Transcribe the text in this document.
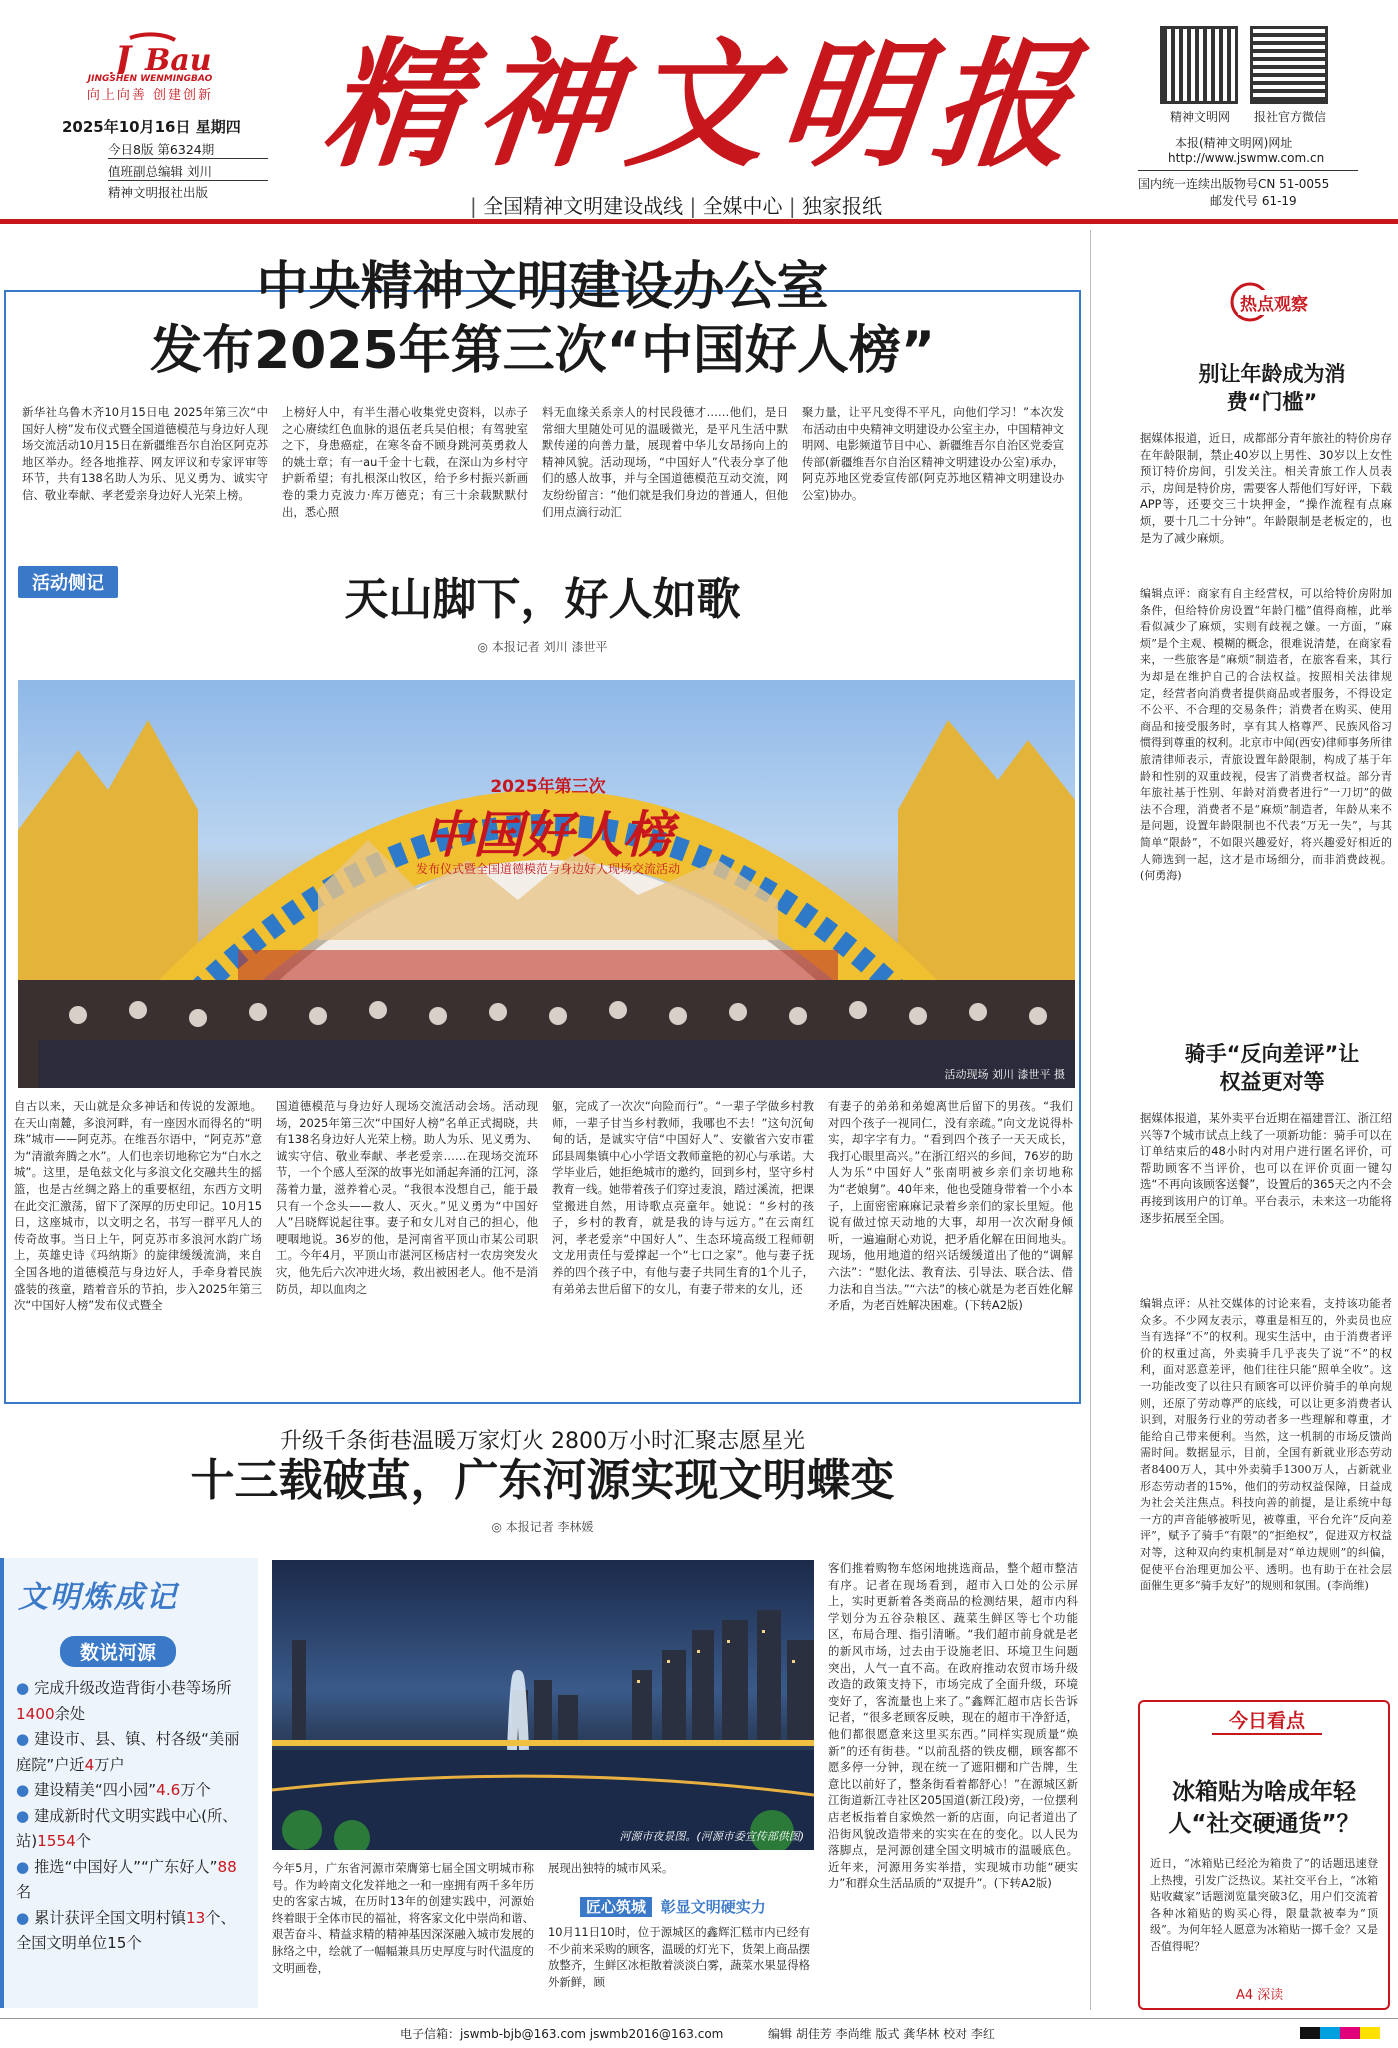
Bau
J
JINGSHEN WENMINGBAO
向上向善 创建创新
2025年10月16日 星期四
今日8版 第6324期
值班副总编辑 刘川
精神文明报社出版
精神文明报
| 全国精神文明建设战线 | 全媒中心 | 独家报纸
精神文明网	报社官方微信
本报(精神文明网)网址
http://www.jswmw.com.cn
国内统一连续出版物号CN 51-0055
邮发代号 61-19
中央精神文明建设办公室
发布2025年第三次“中国好人榜”
新华社乌鲁木齐10月15日电 2025年第三次“中国好人榜”发布仪式暨全国道德模范与身边好人现场交流活动10月15日在新疆维吾尔自治区阿克苏地区举办。经各地推荐、网友评议和专家评审等环节，共有138名助人为乐、见义勇为、诚实守信、敬业奉献、孝老爱亲身边好人光荣上榜。
上榜好人中，有半生潜心收集党史资料，以赤子之心赓续红色血脉的退伍老兵吴伯根；有驾驶室之下，身患癌症，在寒冬奋不顾身跳河英勇救人的姚士章；有一au千金十七载，在深山为乡村守护新希望；有扎根深山牧区，给予乡村振兴新画卷的秉力克波力·库万德克；有三十余载默默付出，悉心照
料无血缘关系亲人的村民段德才……他们，是日常细大里随处可见的温暖微光，是平凡生活中默默传递的向善力量，展现着中华儿女昂扬向上的精神风貌。活动现场，“中国好人”代表分享了他们的感人故事，并与全国道德模范互动交流，网友纷纷留言：“他们就是我们身边的普通人，但他们用点滴行动汇
聚力量，让平凡变得不平凡，向他们学习！”本次发布活动由中央精神文明建设办公室主办，中国精神文明网、电影频道节目中心、新疆维吾尔自治区党委宣传部(新疆维吾尔自治区精神文明建设办公室)承办，阿克苏地区党委宣传部(阿克苏地区精神文明建设办公室)协办。
活动侧记	天山脚下，好人如歌
◎ 本报记者 刘川 漆世平
2025年第三次
中国好人榜
发布仪式暨全国道德模范与身边好人现场交流活动
活动现场 刘川 漆世平 摄
自古以来，天山就是众多神话和传说的发源地。在天山南麓，多浪河畔，有一座因水而得名的“明珠”城市——阿克苏。在维吾尔语中，“阿克苏”意为“清澈奔腾之水”。人们也亲切地称它为“白水之城”。这里，是龟兹文化与多浪文化交融共生的摇篮，也是古丝绸之路上的重要枢纽，东西方文明在此交汇激荡，留下了深厚的历史印记。10月15日，这座城市，以文明之名，书写一群平凡人的传奇故事。当日上午，阿克苏市多浪河水韵广场上，英雄史诗《玛纳斯》的旋律缓缓流淌，来自全国各地的道德模范与身边好人，手牵身着民族盛装的孩童，踏着音乐的节拍，步入2025年第三次“中国好人榜”发布仪式暨全
国道德模范与身边好人现场交流活动会场。活动现场，2025年第三次“中国好人榜”名单正式揭晓，共有138名身边好人光荣上榜。助人为乐、见义勇为、诚实守信、敬业奉献、孝老爱亲……在现场交流环节，一个个感人至深的故事光如涌起奔涌的江河，涤荡着力量，滋养着心灵。“我很本没想自己，能于最只有一个念头——救人、灭火。”见义勇为“中国好人”吕晓辉说起往事。妻子和女儿对自己的担心，他哽咽地说。36岁的他，是河南省平顶山市某公司职工。今年4月，平顶山市湛河区杨店村一农房突发火灾，他先后六次冲进火场，救出被困老人。他不是消防员，却以血肉之
躯，完成了一次次“向险而行”。“一辈子学做乡村教师，一辈子甘当乡村教师，我哪也不去！”这句沉甸甸的话，是诚实守信“中国好人”、安徽省六安市霍邱县周集镇中心小学语文教师童艳的初心与承诺。大学毕业后，她拒绝城市的邀约，回到乡村，坚守乡村教育一线。她带着孩子们穿过麦浪，踏过溪流，把课堂搬进自然，用诗歌点亮童年。她说：“乡村的孩子，乡村的教育，就是我的诗与远方。”在云南红河，孝老爱亲“中国好人”、生态环境高级工程师朝文龙用责任与爱撑起一个“七口之家”。他与妻子抚养的四个孩子中，有他与妻子共同生育的1个儿子，有弟弟去世后留下的女儿，有妻子带来的女儿，还
有妻子的弟弟和弟媳离世后留下的男孩。“我们对四个孩子一视同仁，没有亲疏。”向文龙说得朴实，却字字有力。“看到四个孩子一天天成长，我打心眼里高兴。”在浙江绍兴的乡间，76岁的助人为乐“中国好人”张南明被乡亲们亲切地称为“老娘舅”。40年来，他也受随身带着一个小本子，上面密密麻麻记录着乡亲们的家长里短。他说有做过惊天动地的大事，却用一次次耐身倾听，一遍遍耐心劝说，把矛盾化解在田间地头。现场，他用地道的绍兴话缓缓道出了他的“调解六法”：“慰化法、教育法、引导法、联合法、借力法和自当法。”“六法”的核心就是为老百姓化解矛盾，为老百姓解决困难。(下转A2版)
升级千条街巷温暖万家灯火 2800万小时汇聚志愿星光
十三载破茧，广东河源实现文明蝶变
◎ 本报记者 李林媛
文明炼成记
数说河源
● 完成升级改造背街小巷等场所1400余处
● 建设市、县、镇、村各级“美丽庭院”户近4万户
● 建设精美“四小园”4.6万个
● 建成新时代文明实践中心(所、站)1554个
● 推选“中国好人”“广东好人”88名
● 累计获评全国文明村镇13个、全国文明单位15个
河源市夜景图。(河源市委宣传部供图)
今年5月，广东省河源市荣膺第七届全国文明城市称号。作为岭南文化发祥地之一和一座拥有两千多年历史的客家古城，在历时13年的创建实践中，河源始终着眼于全体市民的福祉，将客家文化中崇尚和谐、艰苦奋斗、精益求精的精神基因深深融入城市发展的脉络之中，绘就了一幅幅兼具历史厚度与时代温度的文明画卷，
展现出独特的城市风采。
匠心筑城 彰显文明硬实力
10月11日10时，位于源城区的鑫辉汇糕市内已经有不少前来采购的顾客，温暖的灯光下，货架上商品摆放整齐，生鲜区冰柜散着淡淡白雾，蔬菜水果显得格外新鲜，顾
客们推着购物车悠闲地挑选商品，整个超市整洁有序。记者在现场看到，超市入口处的公示屏上，实时更新着各类商品的检测结果，超市内科学划分为五谷杂粮区、蔬菜生鲜区等七个功能区，布局合理、指引清晰。“我们超市前身就是老的新风市场，过去由于设施老旧、环境卫生问题突出，人气一直不高。在政府推动农贸市场升级改造的政策支持下，市场完成了全面升级，环境变好了，客流量也上来了。”鑫辉汇超市店长告诉记者，“很多老顾客反映，现在的超市干净舒适，他们都很愿意来这里买东西。”同样实现质量“焕新”的还有街巷。“以前乱搭的铁皮棚，顾客都不愿多停一分钟，现在统一了遮阳棚和广告牌，生意比以前好了，整条街看着都舒心！”在源城区新江街道新江寺社区205国道(新江段)旁，一位摆利店老板指着自家焕然一新的店面，向记者道出了沿街风貌改造带来的实实在在的变化。以人民为落脚点，是河源创建全国文明城市的温暖底色。近年来，河源用务实举措，实现城市功能“硬实力”和群众生活品质的“双提升”。(下转A2版)
热点观察
别让年龄成为消费“门槛”
据媒体报道，近日，成都部分青年旅社的特价房存在年龄限制，禁止40岁以上男性、30岁以上女性预订特价房间，引发关注。相关青旅工作人员表示，房间是特价房，需要客人帮他们写好评，下载APP等，还要交三十块押金，“操作流程有点麻烦，要十几二十分钟”。年龄限制是老板定的，也是为了减少麻烦。
编辑点评：商家有自主经营权，可以给特价房附加条件，但给特价房设置“年龄门槛”值得商榷，此举看似减少了麻烦，实则有歧视之嫌。一方面，“麻烦”是个主观、模糊的概念，很难说清楚，在商家看来，一些旅客是“麻烦”制造者，在旅客看来，其行为却是在维护自己的合法权益。按照相关法律规定，经营者向消费者提供商品或者服务，不得设定不公平、不合理的交易条件；消费者在购买、使用商品和接受服务时，享有其人格尊严、民族风俗习惯得到尊重的权利。北京市中闻(西安)律师事务所律旅清律师表示，青旅设置年龄限制，构成了基于年龄和性别的双重歧视，侵害了消费者权益。部分青年旅社基于性别、年龄对消费者进行“一刀切”的做法不合理，消费者不是“麻烦”制造者，年龄从来不是问题，设置年龄限制也不代表“万无一失”，与其简单“限龄”，不如限兴趣爱好，将兴趣爱好相近的人筛选到一起，这才是市场细分，而非消费歧视。(何勇海)
骑手“反向差评”让权益更对等
据媒体报道，某外卖平台近期在福建晋江、浙江绍兴等7个城市试点上线了一项新功能：骑手可以在订单结束后的48小时内对用户进行匿名评价，可帮助顾客不当评价，也可以在评价页面一键勾选“不再向该顾客送餐”，设置后的365天之内不会再接到该用户的订单。平台表示，未来这一功能将逐步拓展至全国。
编辑点评：从社交媒体的讨论来看，支持该功能者众多。不少网友表示，尊重是相互的，外卖员也应当有选择“不”的权利。现实生活中，由于消费者评价的权重过高，外卖骑手几乎丧失了说“不”的权利，面对恶意差评，他们往往只能“照单全收”。这一功能改变了以往只有顾客可以评价骑手的单向规则，还原了劳动尊严的底线，可以让更多消费者认识到，对服务行业的劳动者多一些理解和尊重，才能给自己带来便利。当然，这一机制的市场反馈尚需时间。数据显示，目前，全国有新就业形态劳动者8400万人，其中外卖骑手1300万人，占新就业形态劳动者的15%，他们的劳动权益保障，日益成为社会关注焦点。科技向善的前提，是让系统中每一方的声音能够被听见，被尊重，平台允许“反向差评”，赋予了骑手“有限”的“拒绝权”，促进双方权益对等，这种双向约束机制是对“单边规则”的纠偏，促使平台治理更加公平、透明。也有助于在社会层面催生更多“骑手友好”的规则和氛围。(李尚维)
今日看点
冰箱贴为啥成年轻人“社交硬通货”？
近日，“冰箱贴已经沦为箱贵了”的话题迅速登上热搜，引发广泛热议。某社交平台上，“冰箱贴收藏家”话题浏览量突破3亿，用户们交流着各种冰箱贴的购买心得，限量款被奉为“顶级”。为何年轻人愿意为冰箱贴一掷千金？又是否值得呢？
A4 深读
电子信箱：jswmb-bjb@163.com jswmb2016@163.com	编辑 胡佳芳 李尚维 版式 龚华林 校对 李红
